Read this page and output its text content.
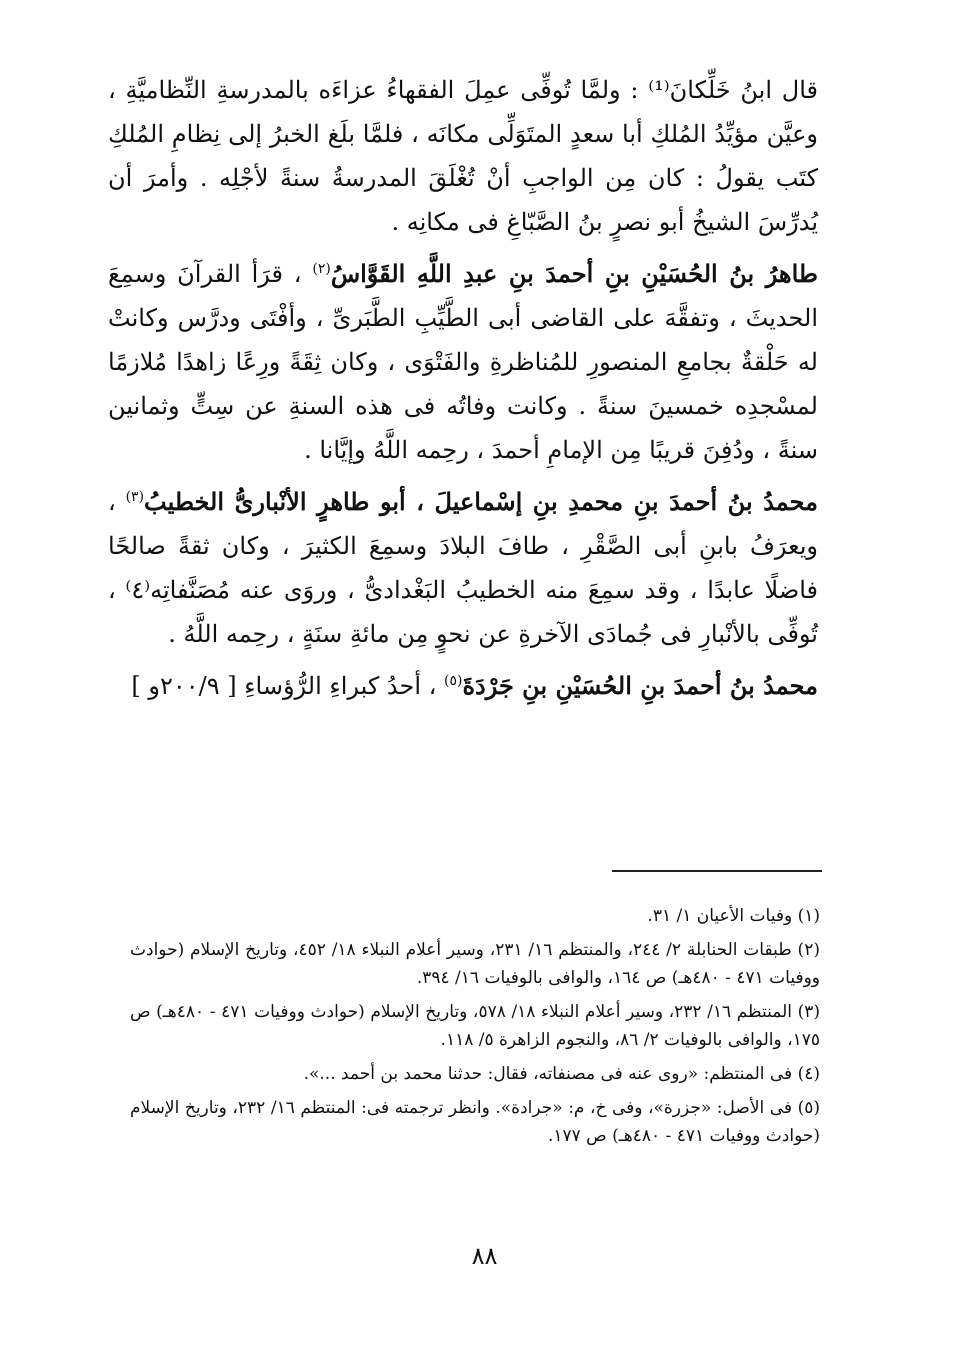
قال ابنُ خَلِّكانَ⁽¹⁾ : ولمَّا تُوفِّى عمِلَ الفقهاءُ عزاءَه بالمدرسةِ النِّظاميَّةِ ، وعيَّن مؤيِّدُ المُلكِ أبا سعدٍ المتَوَلِّى مكانَه ، فلمَّا بلَغ الخبرُ إلى نِظامِ المُلكِ كتَب يقولُ : كان مِن الواجبِ أنْ تُغْلَقَ المدرسةُ سنةً لأجْلِه . وأمرَ أن يُدرِّسَ الشيخُ أبو نصرٍ بنُ الصَّبّاغِ فى مكانِه .

طاهرُ بنُ الحُسَيْنِ بنِ أحمدَ بنِ عبدِ اللَّهِ القَوَّاسُ$^{(٢)}$ ، قرَأ القرآنَ وسمِعَ الحديثَ ، وتفقَّهَ على القاضى أبى الطَّيِّبِ الطَّبَرىِّ ، وأفْتَى ودرَّس وكانتْ له حَلْقةٌ بجامعِ المنصورِ للمُناظرةِ والفَتْوَى ، وكان ثِقَةً ورِعًا زاهدًا مُلازمًا لمسْجدِه خمسينَ سنةً . وكانت وفاتُه فى هذه السنةِ عن سِتٍّ وثمانين سنةً ، ودُفِنَ قريبًا مِن الإمامِ أحمدَ ، رحِمه اللَّهُ وإيَّانا .

محمدُ بنُ أحمدَ بنِ محمدِ بنِ إسْماعيلَ ، أبو طاهرٍ الأنْبارىُّ الخطيبُ$^{(٣)}$ ، ويعرَفُ بابنِ أبى الصَّقْرِ ، طافَ البلادَ وسمِعَ الكثيرَ ، وكان ثقةً صالحًا فاضلًا عابدًا ، وقد سمِعَ منه الخطيبُ البَغْدادىُّ ، وروَى عنه مُصَنَّفاتِه⁽٤⁾ ، تُوفِّى بالأنْبارِ فى جُمادَى الآخرةِ عن نحوٍ مِن مائةِ سنَةٍ ، رحِمه اللَّهُ .

محمدُ بنُ أحمدَ بنِ الحُسَيْنِ بنِ جَرْدَةَ$^{(٥)}$ ، أحدُ كبراءِ الرُّؤساءِ [ ٢٠٠/٩و ]

(١) وفيات الأعيان ١/ ٣١.

(٢) طبقات الحنابلة ٢/ ٢٤٤، والمنتظم ١٦/ ٢٣١، وسير أعلام النبلاء ١٨/ ٤٥٢، وتاريخ الإسلام (حوادث ووفيات ٤٧١ - ٤٨٠هـ) ص ١٦٤، والوافى بالوفيات ١٦/ ٣٩٤.

(٣) المنتظم ١٦/ ٢٣٢، وسير أعلام النبلاء ١٨/ ٥٧٨، وتاريخ الإسلام (حوادث ووفيات ٤٧١ - ٤٨٠هـ) ص ١٧٥، والوافى بالوفيات ٢/ ٨٦، والنجوم الزاهرة ٥/ ١١٨.

(٤) فى المنتظم: «روى عنه فى مصنفاته، فقال: حدثنا محمد بن أحمد ...».

(٥) فى الأصل: «جزرة»، وفى خ، م: «جرادة». وانظر ترجمته فى: المنتظم ١٦/ ٢٣٢، وتاريخ الإسلام (حوادث ووفيات ٤٧١ - ٤٨٠هـ) ص ١٧٧.

٨٨
